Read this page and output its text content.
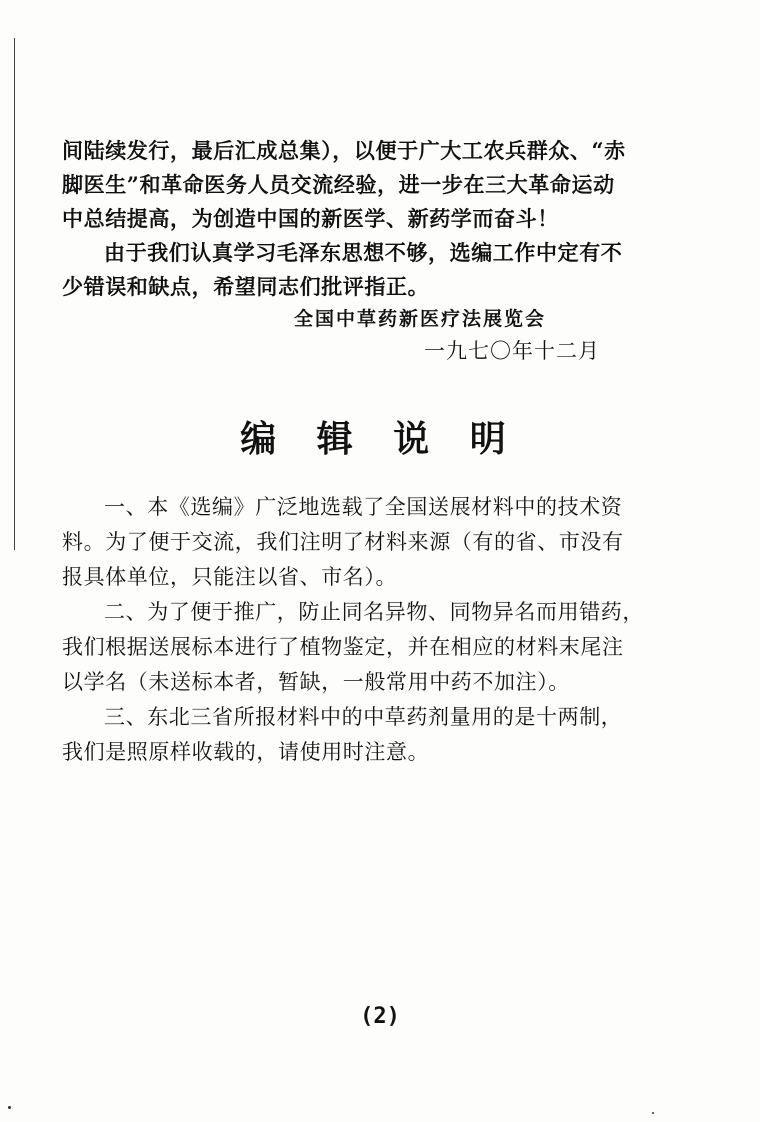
间陆续发行，最后汇成总集），以便于广大工农兵群众、“赤
脚医生”和革命医务人员交流经验，进一步在三大革命运动
中总结提高，为创造中国的新医学、新药学而奋斗！
由于我们认真学习毛泽东思想不够，选编工作中定有不
少错误和缺点，希望同志们批评指正。
全国中草药新医疗法展览会
一九七〇年十二月
编 辑 说 明
一、本《选编》广泛地选载了全国送展材料中的技术资
料。为了便于交流，我们注明了材料来源（有的省、市没有
报具体单位，只能注以省、市名）。
二、为了便于推广，防止同名异物、同物异名而用错药，
我们根据送展标本进行了植物鉴定，并在相应的材料末尾注
以学名（未送标本者，暂缺，一般常用中药不加注）。
三、东北三省所报材料中的中草药剂量用的是十两制，
我们是照原样收载的，请使用时注意。
(2)
